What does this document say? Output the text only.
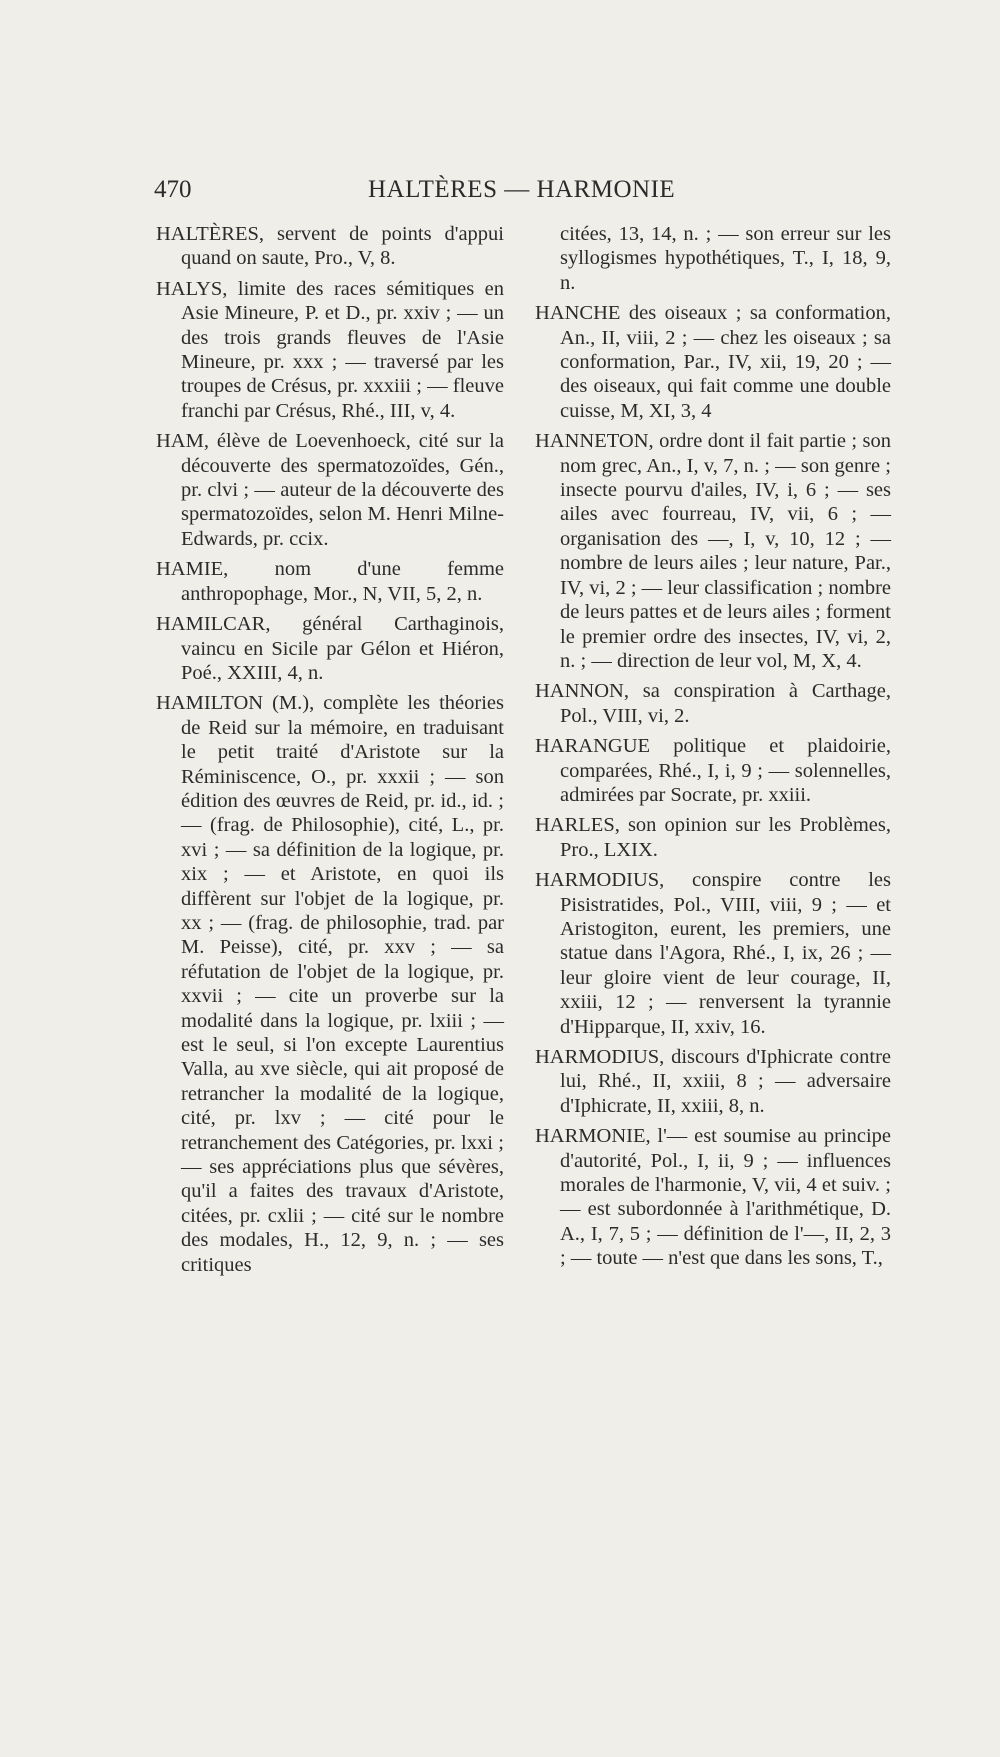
470	HALTÈRES — HARMONIE

HALTÈRES, servent de points d'appui quand on saute, Pro., V, 8.

HALYS, limite des races sémitiques en Asie Mineure, P. et D., pr. xxiv ; — un des trois grands fleuves de l'Asie Mineure, pr. xxx ; — traversé par les troupes de Crésus, pr. xxxiii ; — fleuve franchi par Crésus, Rhé., III, v, 4.

HAM, élève de Loevenhoeck, cité sur la découverte des spermatozoïdes, Gén., pr. clvi ; — auteur de la découverte des spermatozoïdes, selon M. Henri Milne-Edwards, pr. ccix.

HAMIE, nom d'une femme anthropophage, Mor., N, VII, 5, 2, n.

HAMILCAR, général Carthaginois, vaincu en Sicile par Gélon et Hiéron, Poé., XXIII, 4, n.

HAMILTON (M.), complète les théories de Reid sur la mémoire, en traduisant le petit traité d'Aristote sur la Réminiscence, O., pr. xxxii ; — son édition des œuvres de Reid, pr. id., id. ; — (frag. de Philosophie), cité, L., pr. xvi ; — sa définition de la logique, pr. xix ; — et Aristote, en quoi ils diffèrent sur l'objet de la logique, pr. xx ; — (frag. de philosophie, trad. par M. Peisse), cité, pr. xxv ; — sa réfutation de l'objet de la logique, pr. xxvii ; — cite un proverbe sur la modalité dans la logique, pr. lxiii ; — est le seul, si l'on excepte Laurentius Valla, au xve siècle, qui ait proposé de retrancher la modalité de la logique, cité, pr. lxv ; — cité pour le retranchement des Catégories, pr. lxxi ; — ses appréciations plus que sévères, qu'il a faites des travaux d'Aristote, citées, pr. cxlii ; — cité sur le nombre des modales, H., 12, 9, n. ; — ses critiques

citées, 13, 14, n. ; — son erreur sur les syllogismes hypothétiques, T., I, 18, 9, n.

HANCHE des oiseaux ; sa conformation, An., II, viii, 2 ; — chez les oiseaux ; sa conformation, Par., IV, xii, 19, 20 ; — des oiseaux, qui fait comme une double cuisse, M, XI, 3, 4

HANNETON, ordre dont il fait partie ; son nom grec, An., I, v, 7, n. ; — son genre ; insecte pourvu d'ailes, IV, i, 6 ; — ses ailes avec fourreau, IV, vii, 6 ; — organisation des —, I, v, 10, 12 ; — nombre de leurs ailes ; leur nature, Par., IV, vi, 2 ; — leur classification ; nombre de leurs pattes et de leurs ailes ; forment le premier ordre des insectes, IV, vi, 2, n. ; — direction de leur vol, M, X, 4.

HANNON, sa conspiration à Carthage, Pol., VIII, vi, 2.

HARANGUE politique et plaidoirie, comparées, Rhé., I, i, 9 ; — solennelles, admirées par Socrate, pr. xxiii.

HARLES, son opinion sur les Problèmes, Pro., LXIX.

HARMODIUS, conspire contre les Pisistratides, Pol., VIII, viii, 9 ; — et Aristogiton, eurent, les premiers, une statue dans l'Agora, Rhé., I, ix, 26 ; — leur gloire vient de leur courage, II, xxiii, 12 ; — renversent la tyrannie d'Hipparque, II, xxiv, 16.

HARMODIUS, discours d'Iphicrate contre lui, Rhé., II, xxiii, 8 ; — adversaire d'Iphicrate, II, xxiii, 8, n.

HARMONIE, l'— est soumise au principe d'autorité, Pol., I, ii, 9 ; — influences morales de l'harmonie, V, vii, 4 et suiv. ; — est subordonnée à l'arithmétique, D. A., I, 7, 5 ; — définition de l'—, II, 2, 3 ; — toute — n'est que dans les sons, T.,
